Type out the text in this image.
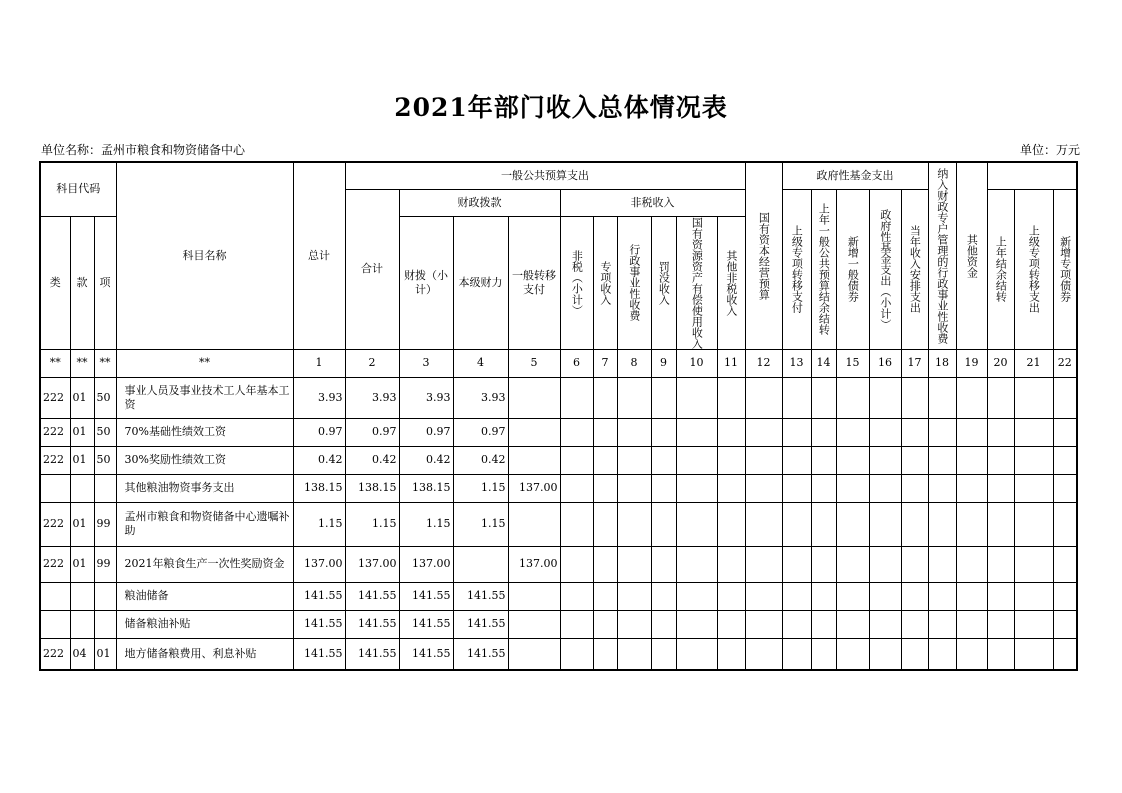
2021年部门收入总体情况表
单位名称：孟州市粮食和物资储备中心	单位：万元
科目代码			科目名称	总计	一般公共预算支出										国有资本经营预算	政府性基金支出					纳入财政专户管理的行政事业性收费	其他资金			
					合计	财政拨款			非税收入							上级专项转移支付	上年一般公共预算结余结转	新增一般债券	政府性基金支出（小计）	当年收入安排支出			上年结余结转	上级专项转移支出	新增专项债券
类	款	项				财拨（小计）	本级财力	一般转移支付	非税（小计）	专项收入	行政事业性收费	罚没收入	国有资源资产有偿使用收入	其他非税收入											

**	**	**	**	1	2	3	4	5	6	7	8	9	10	11	12	13	14	15	16	17	18	19	20	21	22
222	01	50	事业人员及事业技术工人年基本工资	3.93	3.93	3.93	3.93																		
222	01	50	70%基础性绩效工资	0.97	0.97	0.97	0.97																		
222	01	50	30%奖励性绩效工资	0.42	0.42	0.42	0.42																		
			其他粮油物资事务支出	138.15	138.15	138.15	1.15	137.00																	
222	01	99	孟州市粮食和物资储备中心遗嘱补助	1.15	1.15	1.15	1.15																		
222	01	99	2021年粮食生产一次性奖励资金	137.00	137.00	137.00		137.00																	
			粮油储备	141.55	141.55	141.55	141.55																		
			储备粮油补贴	141.55	141.55	141.55	141.55																		
222	04	01	地方储备粮费用、利息补贴	141.55	141.55	141.55	141.55																		
